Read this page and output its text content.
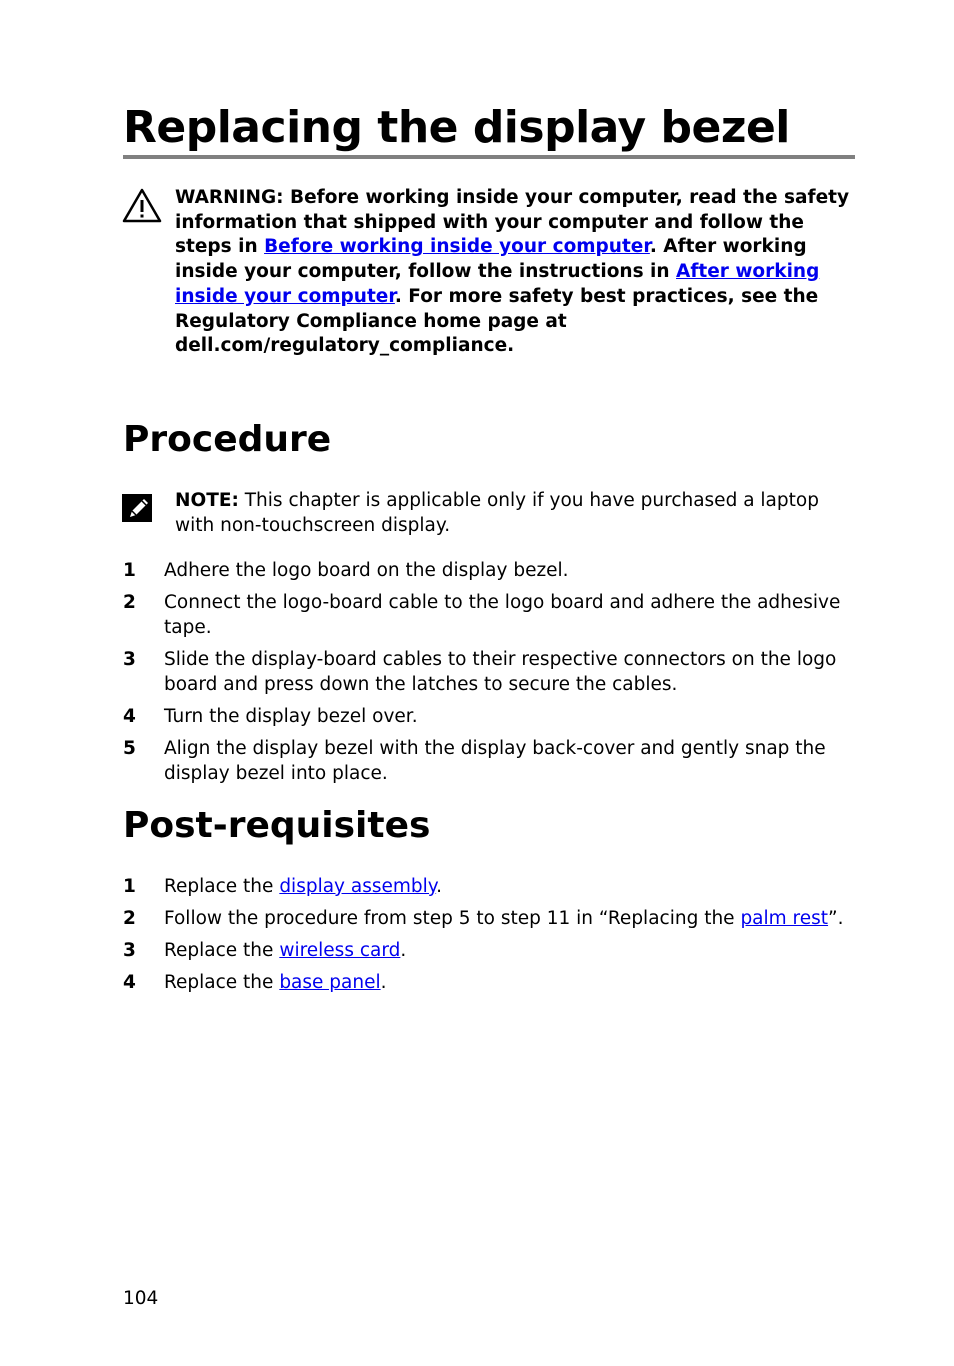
Replacing the display bezel

WARNING: Before working inside your computer, read the safety information that shipped with your computer and follow the steps in Before working inside your computer. After working inside your computer, follow the instructions in After working inside your computer. For more safety best practices, see the Regulatory Compliance home page at dell.com/regulatory_compliance.

Procedure

NOTE: This chapter is applicable only if you have purchased a laptop with non-touchscreen display.

1	Adhere the logo board on the display bezel.
2	Connect the logo-board cable to the logo board and adhere the adhesive tape.
3	Slide the display-board cables to their respective connectors on the logo board and press down the latches to secure the cables.
4	Turn the display bezel over.
5	Align the display bezel with the display back-cover and gently snap the display bezel into place.
Post-requisites
1	Replace the display assembly.
2	Follow the procedure from step 5 to step 11 in “Replacing the palm rest”.
3	Replace the wireless card.
4	Replace the base panel.
104
